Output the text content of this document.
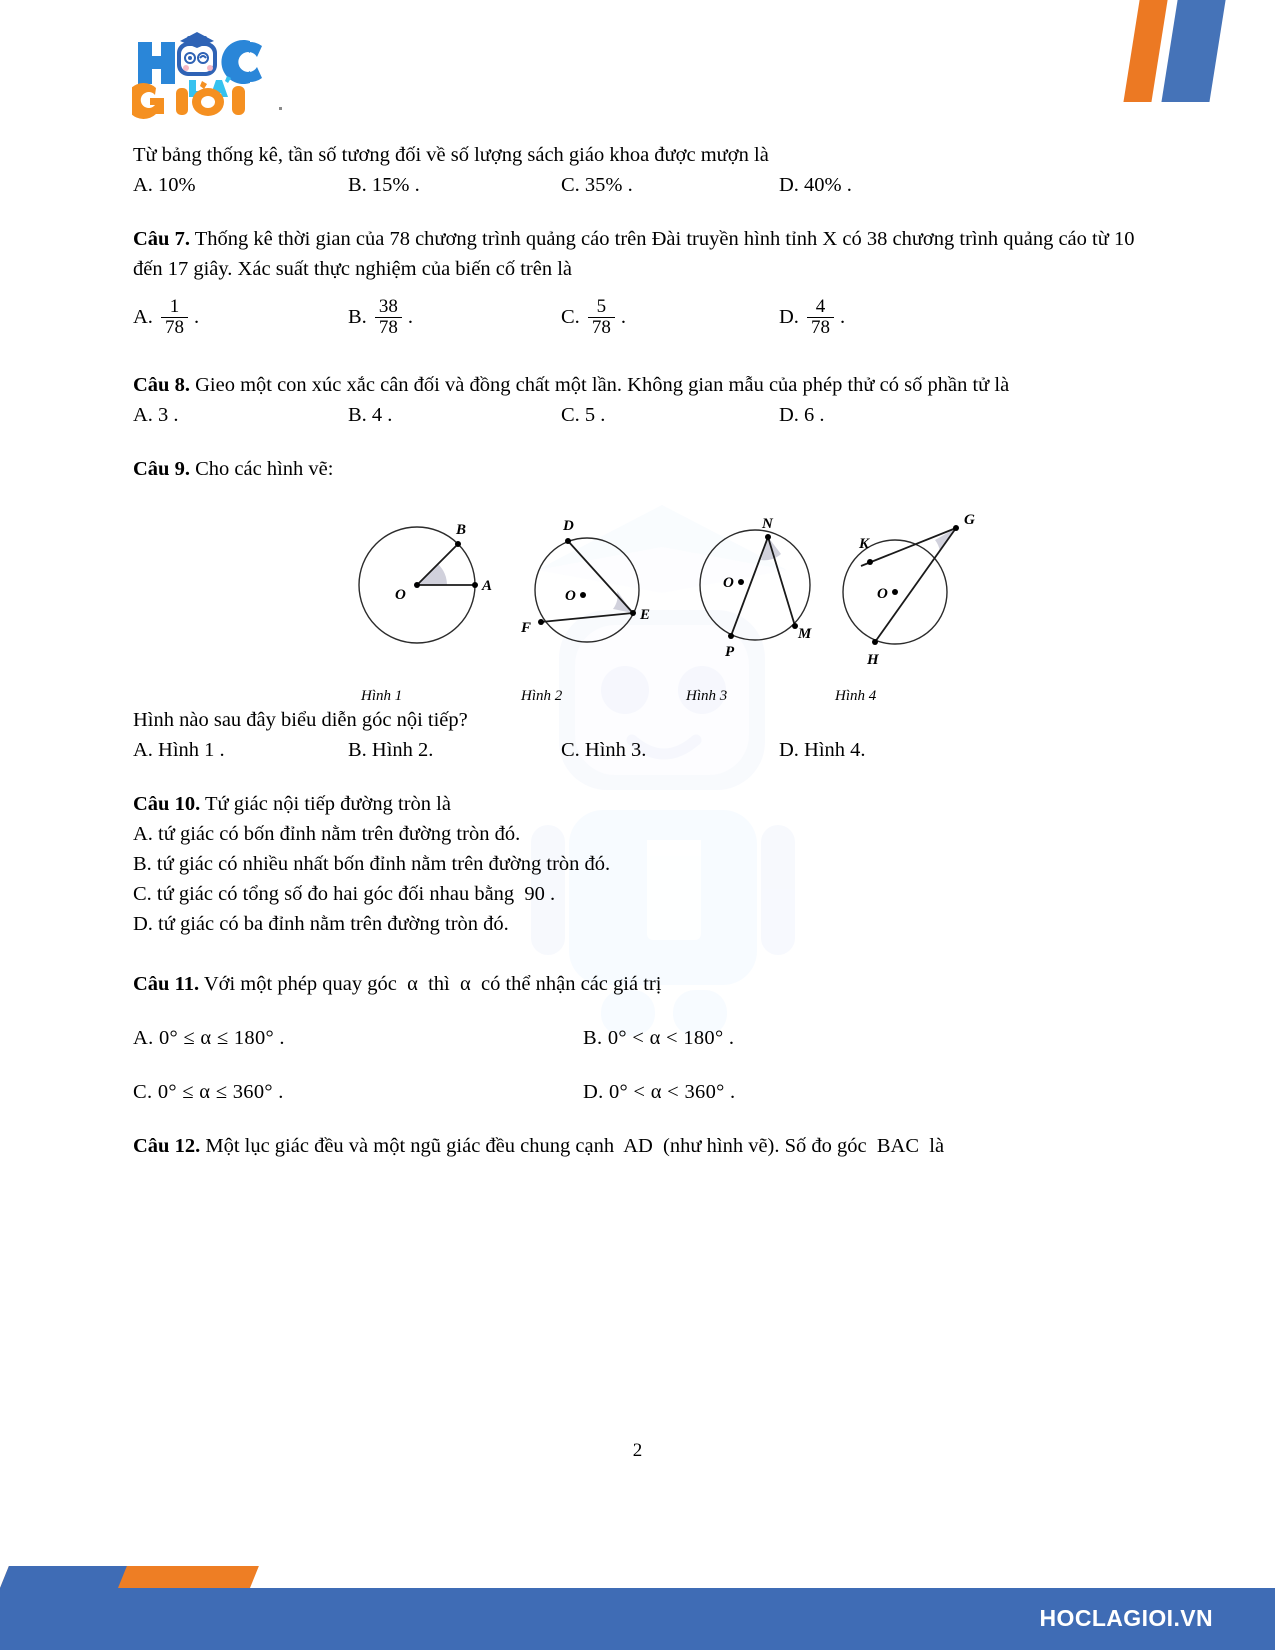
Từ bảng thống kê, tần số tương đối về số lượng sách giáo khoa được mượn là
A. 10%	B. 15% .	C. 35% .	D. 40% .
Câu 7. Thống kê thời gian của 78 chương trình quảng cáo trên Đài truyền hình tỉnh X có 38 chương trình quảng cáo từ 10 đến 17 giây. Xác suất thực nghiệm của biến cố trên là
A. $\frac{1}{78}$ .	B. $\frac{38}{78}$ .	C. $\frac{5}{78}$ .	D. $\frac{4}{78}$ .
Câu 8. Gieo một con xúc xắc cân đối và đồng chất một lần. Không gian mẫu của phép thử có số phần tử là
A. 3 .	B. 4 .	C. 5 .	D. 6 .
Câu 9. Cho các hình vẽ:
O
A
B
Hình 1
D
O
E
F
Hình 2
N
O
M
P
Hình 3
G
K
O
H
Hình 4
Hình nào sau đây biểu diễn góc nội tiếp?
A. Hình 1 .	B. Hình 2.	C. Hình 3.	D. Hình 4.
Câu 10. Tứ giác nội tiếp đường tròn là
A. tứ giác có bốn đỉnh nằm trên đường tròn đó.
B. tứ giác có nhiều nhất bốn đỉnh nằm trên đường tròn đó.
C. tứ giác có tổng số đo hai góc đối nhau bằng  90 .
D. tứ giác có ba đỉnh nằm trên đường tròn đó.
Câu 11. Với một phép quay góc  α  thì  α  có thể nhận các giá trị
A. 0° ≤ α ≤ 180° .	B. 0° < α < 180° .
C. 0° ≤ α ≤ 360° .	D. 0° < α < 360° .
Câu 12. Một lục giác đều và một ngũ giác đều chung cạnh  AD  (như hình vẽ). Số đo góc  BAC  là
2
HOCLAGIOI.VN
